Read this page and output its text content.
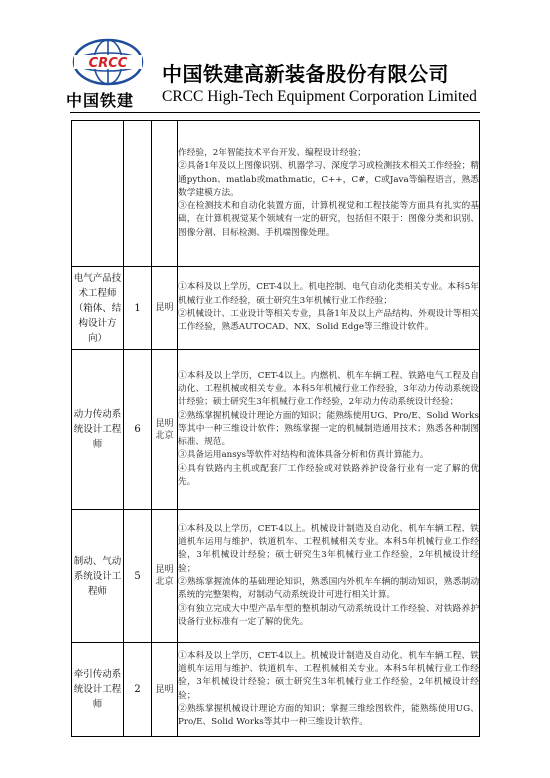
CRCC
中国铁建
中国铁建高新装备股份有限公司
CRCC High-Tech Equipment Corporation Limited

			作经验，2年智能技术平台开发、编程设计经验；
②具备1年及以上图像识别、机器学习、深度学习或检测技术相关工作经验；精通python、matlab或mathmatic，C++，C#，C或Java等编程语言，熟悉数学建模方法。
③在检测技术和自动化装置方面，计算机视觉和工程技能等方面具有扎实的基础，在计算机视觉某个领域有一定的研究，包括但不限于：图像分类和识别、图像分割、目标检测、手机端图像处理。

电气产品技术工程师（箱体、结构设计方向）	1	昆明	①本科及以上学历，CET-4以上。机电控制、电气自动化类相关专业。本科5年机械行业工作经验，硕士研究生3年机械行业工作经验；
②机械设计、工业设计等相关专业，具备1年及以上产品结构、外观设计等相关工作经验，熟悉AUTOCAD、NX、Solid Edge等三维设计软件。

动力传动系统设计工程师	6	昆明北京	①本科及以上学历，CET-4以上。内燃机、机车车辆工程、铁路电气工程及自动化、工程机械或相关专业。本科5年机械行业工作经验，3年动力传动系统设计经验；硕士研究生3年机械行业工作经验，2年动力传动系统设计经验；
②熟练掌握机械设计理论方面的知识；能熟练使用UG、Pro/E、Solid Works等其中一种三维设计软件；熟练掌握一定的机械制造通用技术；熟悉各种制图标准、规范。
③具备运用ansys等软件对结构和流体具备分析和仿真计算能力。
④具有铁路内主机或配套厂工作经验或对铁路养护设备行业有一定了解的优先。

制动、气动系统设计工程师	5	昆明北京	①本科及以上学历，CET-4以上。机械设计制造及自动化、机车车辆工程、铁道机车运用与维护、铁道机车、工程机械相关专业。本科5年机械行业工作经验，3年机械设计经验；硕士研究生3年机械行业工作经验，2年机械设计经验；
②熟练掌握流体的基础理论知识，熟悉国内外机车车辆的制动知识，熟悉制动系统的完整架构，对制动气动系统设计可进行相关计算。
③有独立完成大中型产品车型的整机制动气动系统设计工作经验、对铁路养护设备行业标准有一定了解的优先。

牵引传动系统设计工程师	2	昆明	①本科及以上学历，CET-4以上。机械设计制造及自动化、机车车辆工程、铁道机车运用与维护、铁道机车、工程机械相关专业。本科5年机械行业工作经验，3年机械设计经验；硕士研究生3年机械行业工作经验，2年机械设计经验；
②熟练掌握机械设计理论方面的知识；掌握三维绘图软件，能熟练使用UG、Pro/E、Solid Works等其中一种三维设计软件。
